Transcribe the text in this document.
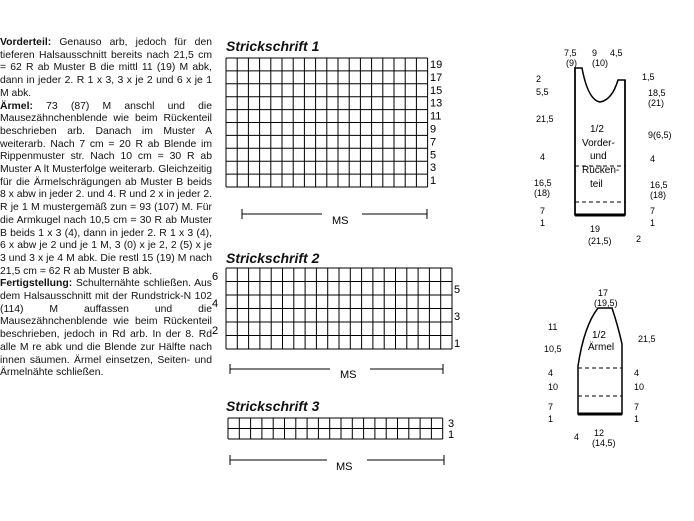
Vorderteil: Genauso arb, jedoch für den tieferen Halsausschnitt bereits nach 21,5 cm = 62 R ab Muster B die mittl 11 (19) M abk, dann in jeder 2. R 1 x 3, 3 x je 2 und 6 x je 1 M abk.

Ärmel: 73 (87) M anschl und die Mausezähnchenblende wie beim Rückenteil beschrieben arb. Danach im Muster A weiterarb. Nach 7 cm = 20 R ab Blende im Rippenmuster str. Nach 10 cm = 30 R ab Muster A lt Musterfolge weiterarb. Gleichzeitig für die Ärmelschrägungen ab Muster B beids 8 x abw in jeder 2. und 4. R und 2 x in jeder 2. R je 1 M mustergemäß zun = 93 (107) M. Für die Armkugel nach 10,5 cm = 30 R ab Muster B beids 1 x 3 (4), dann in jeder 2. R 1 x 3 (4), 6 x abw je 2 und je 1 M, 3 (0) x je 2, 2 (5) x je 3 und 3 x je 4 M abk. Die restl 15 (19) M nach 21,5 cm = 62 R ab Muster B abk.

Fertigstellung: Schulternähte schließen. Aus dem Halsausschnitt mit der Rundstrick-N 102 (114) M auffassen und die Mausezähnchenblende wie beim Rückenteil beschrieben, jedoch in Rd arb. In der 8. Rd alle M re abk und die Blende zur Hälfte nach innen säumen. Ärmel einsetzen, Seiten- und Ärmelnähte schließen.

Strickschrift 1
19
17
15
13
11
9
7
5
3
1
MS
Strickschrift 2
6
4
2
5
3
1
MS
Strickschrift 3
3
1
MS
7,5
(9)
9
(10)
4,5
2
5,5
21,5
4
16,5
(18)
7
1
1,5
18,5
(21)
9(6,5)
4
16,5
(18)
7
1
1/2
Vorder-
und
Rücken-
teil
19
(21,5)	2
17
(19,5)
11
10,5
4
10
7
1
21,5
4
10
7
1
1/2
Ärmel
4 12
(14,5)
